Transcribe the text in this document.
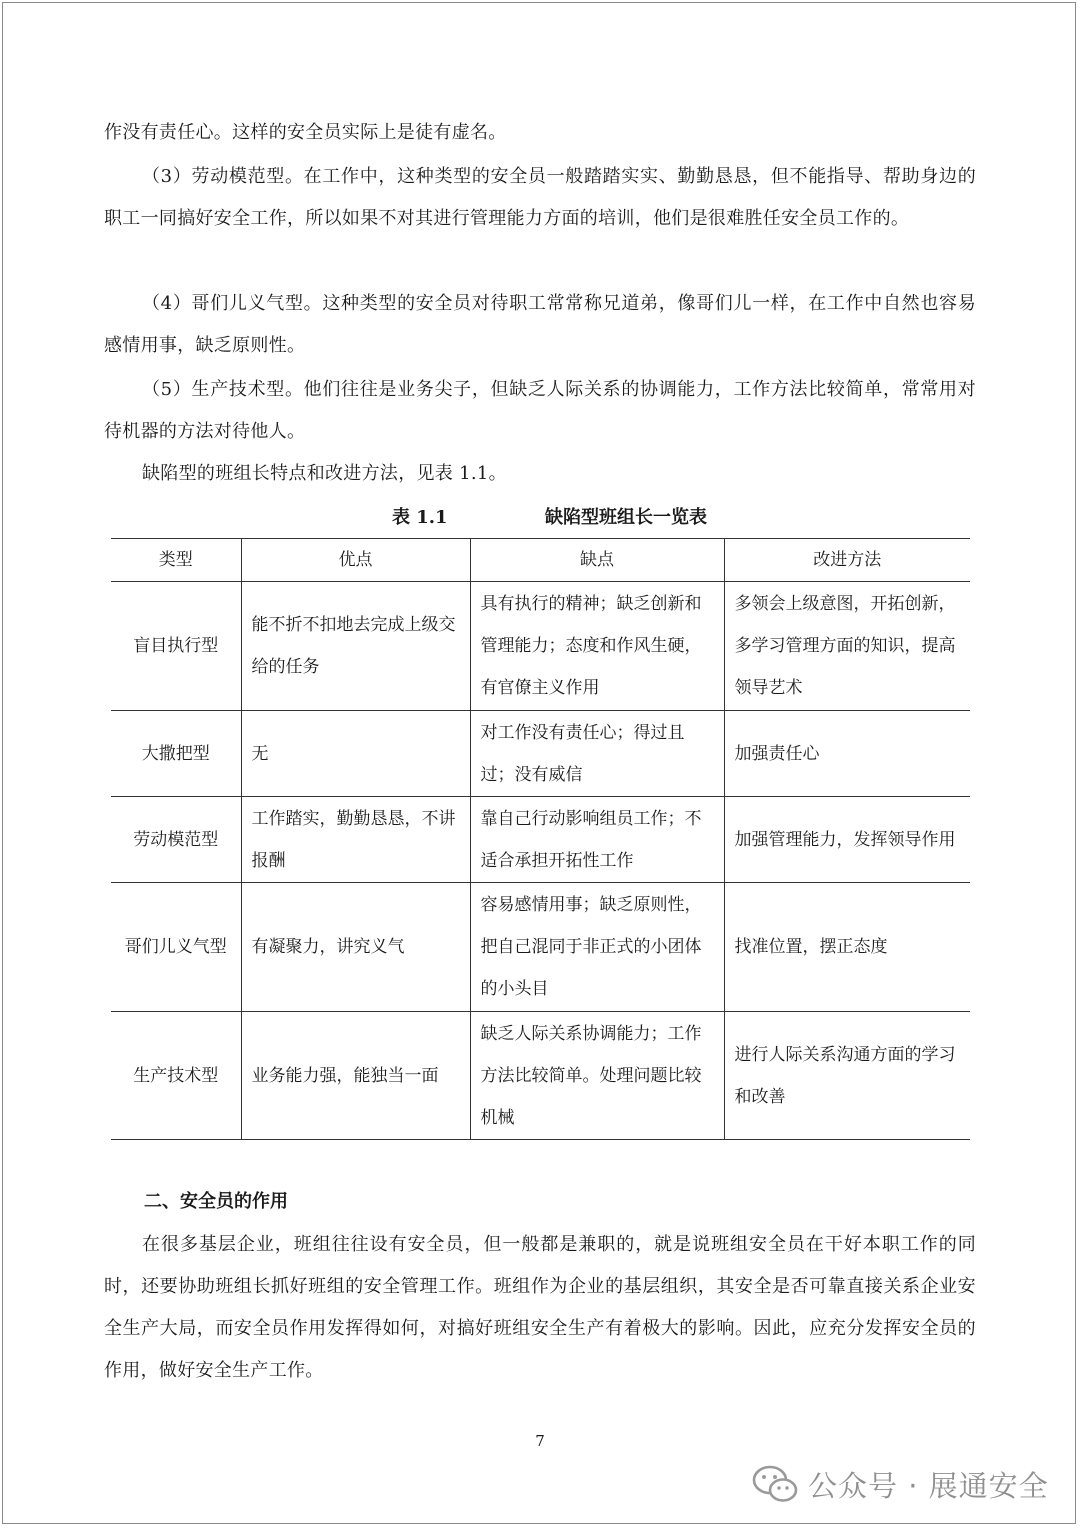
作没有责任心。这样的安全员实际上是徒有虚名。

（3）劳动模范型。在工作中，这种类型的安全员一般踏踏实实、勤勤恳恳，但不能指导、帮助身边的职工一同搞好安全工作，所以如果不对其进行管理能力方面的培训，他们是很难胜任安全员工作的。

（4）哥们儿义气型。这种类型的安全员对待职工常常称兄道弟，像哥们儿一样，在工作中自然也容易感情用事，缺乏原则性。

（5）生产技术型。他们往往是业务尖子，但缺乏人际关系的协调能力，工作方法比较简单，常常用对待机器的方法对待他人。

缺陷型的班组长特点和改进方法，见表 1.1。

表 1.1	缺陷型班组长一览表
类型	优点	缺点	改进方法
盲目执行型	能不折不扣地去完成上级交给的任务	具有执行的精神；缺乏创新和管理能力；态度和作风生硬，有官僚主义作用	多领会上级意图，开拓创新，多学习管理方面的知识，提高领导艺术
大撒把型	无	对工作没有责任心；得过且过；没有威信	加强责任心
劳动模范型	工作踏实，勤勤恳恳，不讲报酬	靠自己行动影响组员工作；不适合承担开拓性工作	加强管理能力，发挥领导作用
哥们儿义气型	有凝聚力，讲究义气	容易感情用事；缺乏原则性，把自己混同于非正式的小团体的小头目	找准位置，摆正态度
生产技术型	业务能力强，能独当一面	缺乏人际关系协调能力；工作方法比较简单。处理问题比较机械	进行人际关系沟通方面的学习和改善
二、安全员的作用

在很多基层企业，班组往往设有安全员，但一般都是兼职的，就是说班组安全员在干好本职工作的同时，还要协助班组长抓好班组的安全管理工作。班组作为企业的基层组织，其安全是否可靠直接关系企业安全生产大局，而安全员作用发挥得如何，对搞好班组安全生产有着极大的影响。因此，应充分发挥安全员的作用，做好安全生产工作。

7
公众号 · 展通安全
